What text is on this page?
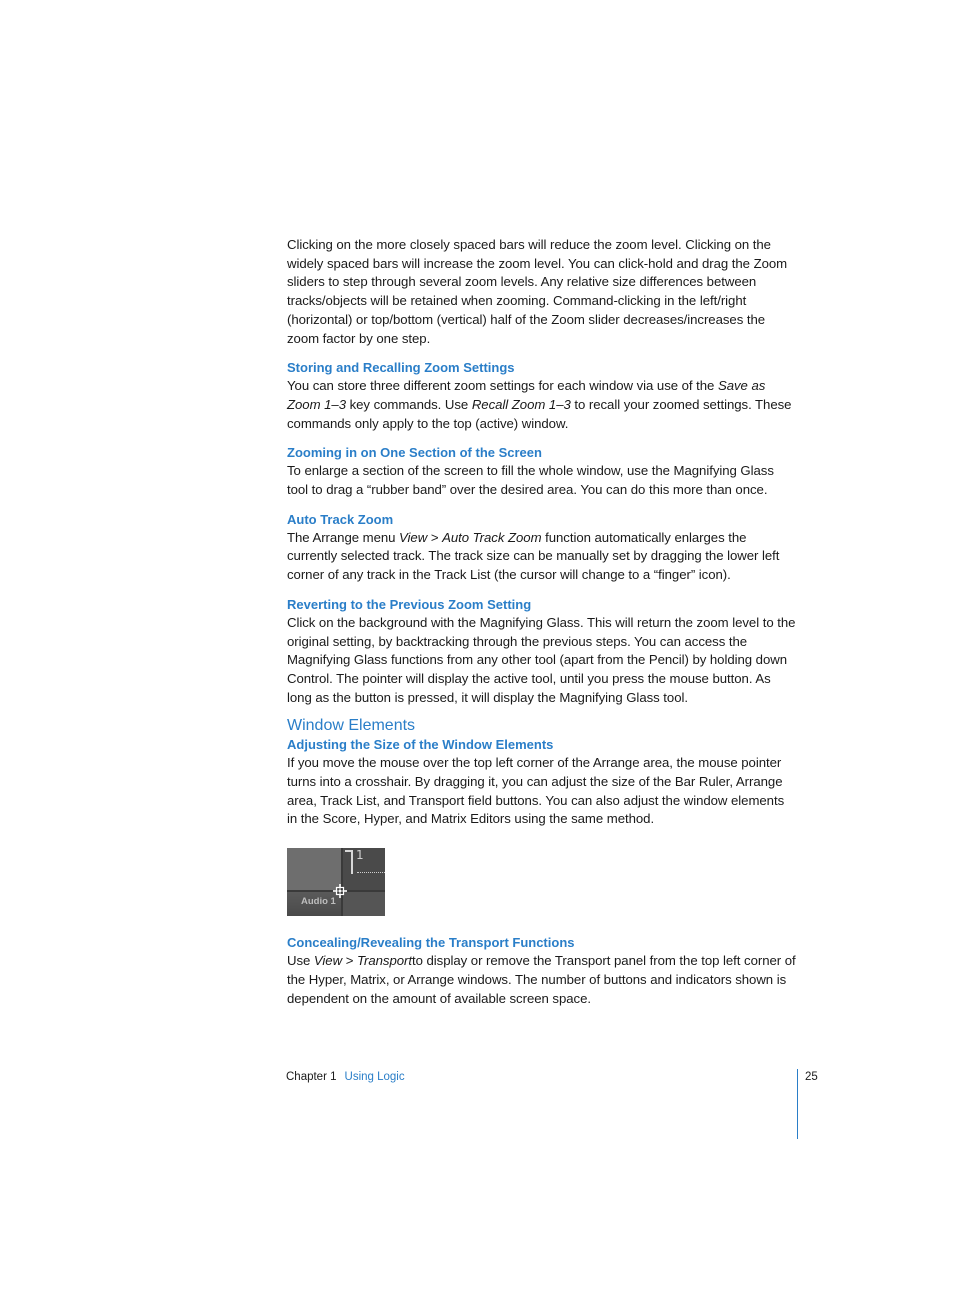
Clicking on the more closely spaced bars will reduce the zoom level. Clicking on the widely spaced bars will increase the zoom level. You can click-hold and drag the Zoom sliders to step through several zoom levels. Any relative size differences between tracks/objects will be retained when zooming. Command-clicking in the left/right (horizontal) or top/bottom (vertical) half of the Zoom slider decreases/increases the zoom factor by one step.

Storing and Recalling Zoom Settings

You can store three different zoom settings for each window via use of the Save as Zoom 1–3 key commands. Use Recall Zoom 1–3 to recall your zoomed settings. These commands only apply to the top (active) window.

Zooming in on One Section of the Screen

To enlarge a section of the screen to fill the whole window, use the Magnifying Glass tool to drag a “rubber band” over the desired area. You can do this more than once.

Auto Track Zoom

The Arrange menu View > Auto Track Zoom function automatically enlarges the currently selected track. The track size can be manually set by dragging the lower left corner of any track in the Track List (the cursor will change to a “finger” icon).

Reverting to the Previous Zoom Setting

Click on the background with the Magnifying Glass. This will return the zoom level to the original setting, by backtracking through the previous steps. You can access the Magnifying Glass functions from any other tool (apart from the Pencil) by holding down Control. The pointer will display the active tool, until you press the mouse button. As long as the button is pressed, it will display the Magnifying Glass tool.

Window Elements
Adjusting the Size of the Window Elements

If you move the mouse over the top left corner of the Arrange area, the mouse pointer turns into a crosshair. By dragging it, you can adjust the size of the Bar Ruler, Arrange area, Track List, and Transport field buttons. You can also adjust the window elements in the Score, Hyper, and Matrix Editors using the same method.

1
Audio 1
Concealing/Revealing the Transport Functions

Use View > Transportto display or remove the Transport panel from the top left corner of the Hyper, Matrix, or Arrange windows. The number of buttons and indicators shown is dependent on the amount of available screen space.

Chapter 1 Using Logic	25
